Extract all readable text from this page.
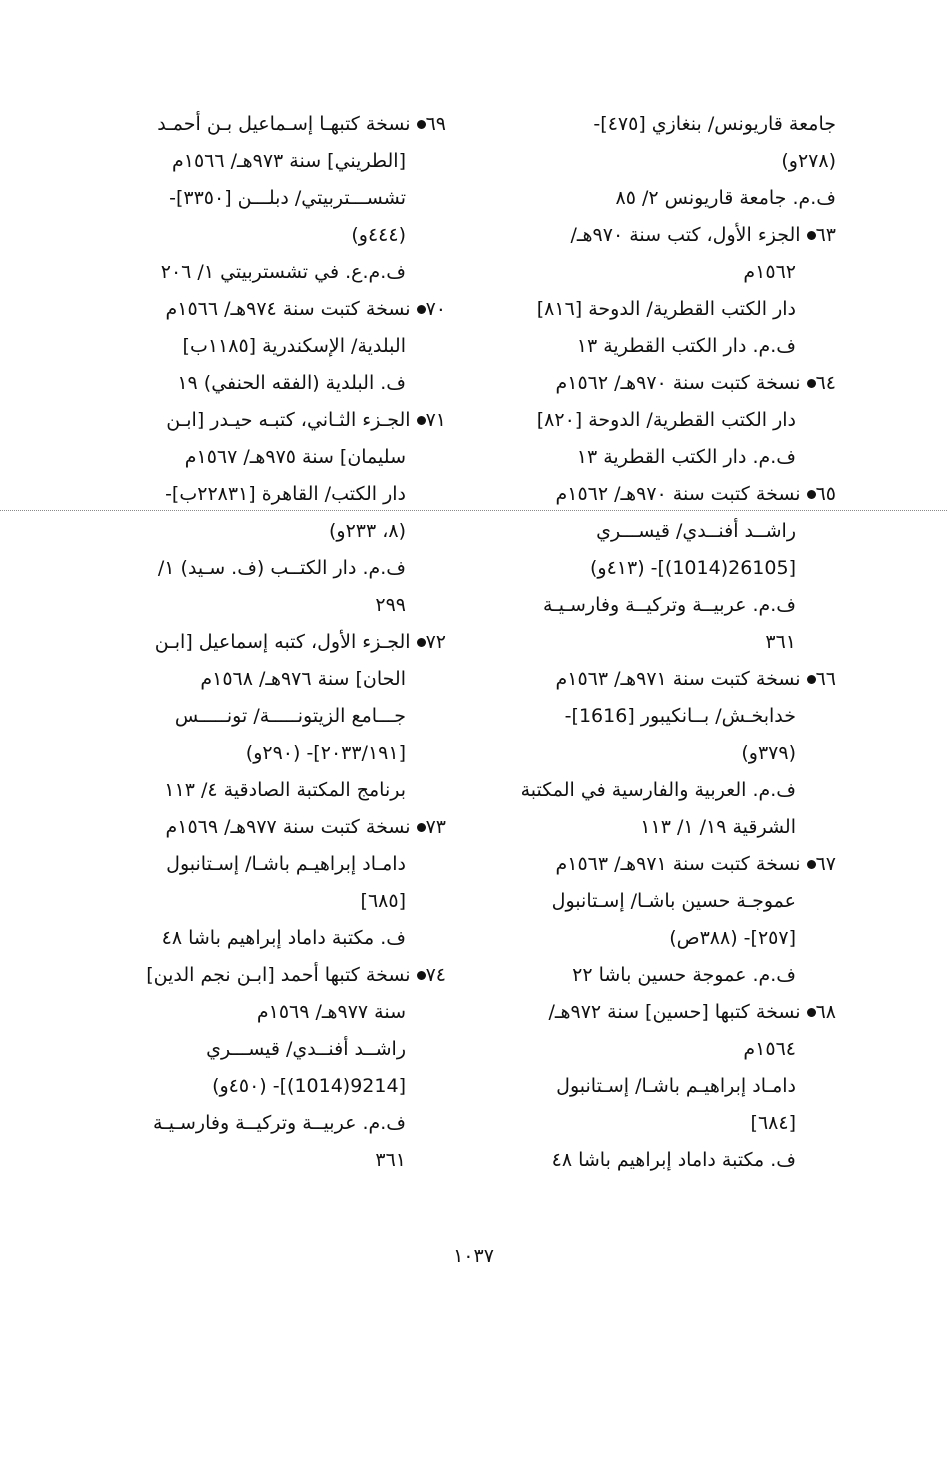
جامعة قاريونس/ بنغازي [٤٧٥]-
(٢٧٨و)
ف.م. جامعة قاريونس ٢/ ٨٥
٦٣الجزء الأول، كتب سنة ٩٧٠هـ/
١٥٦٢م
دار الكتب القطرية/ الدوحة [٨١٦]
ف.م. دار الكتب القطرية ١٣
٦٤نسخة كتبت سنة ٩٧٠هـ/ ١٥٦٢م
دار الكتب القطرية/ الدوحة [٨٢٠]
ف.م. دار الكتب القطرية ١٣
٦٥نسخة كتبت سنة ٩٧٠هـ/ ١٥٦٢م
راشــد أفنــدي/ قيســـري
[26105(1014)]- (٤١٣و)
ف.م. عربيــة وتركيــة وفارسـيـة
٣٦١
٦٦نسخة كتبت سنة ٩٧١هـ/ ١٥٦٣م
خدابخـش/ بــانكيبور [1616]-
(٣٧٩و)
ف.م. العربية والفارسية في المكتبة
الشرقية ١٩/ ١/ ١١٣
٦٧نسخة كتبت سنة ٩٧١هـ/ ١٥٦٣م
عموجـة حسين باشـا/ إسـتانبول
[٢٥٧]- (٣٨٨ص)
ف.م. عموجة حسين باشا ٢٢
٦٨نسخة كتبها [حسين] سنة ٩٧٢هـ/
١٥٦٤م
دامـاد إبراهيـم باشـا/ إسـتانبول
[٦٨٤]
ف. مكتبة داماد إبراهيم باشا ٤٨
٦٩نسخة كتبهـا إسـماعيل بـن أحمـد
[الطريني] سنة ٩٧٣هـ/ ١٥٦٦م
تشســـتربيتي/ دبلـــن [٣٣٥٠]-
(٤٤٤و)
ف.م.ع. في تشستربيتي ١/ ٢٠٦
٧٠نسخة كتبت سنة ٩٧٤هـ/ ١٥٦٦م
البلدية/ الإسكندرية [١١٨٥ب]
ف. البلدية (الفقه الحنفي) ١٩
٧١الجـزء الثـاني، كتبـه حيـدر [ابـن
سليمان] سنة ٩٧٥هـ/ ١٥٦٧م
دار الكتب/ القاهرة [٢٢٨٣١ب]-
(٨، ٢٣٣و)
ف.م. دار الكتــب (ف. سـيد) ١/
٢٩٩
٧٢الجـزء الأول، كتبه إسماعيل [ابـن
الحان] سنة ٩٧٦هـ/ ١٥٦٨م
جـــامع الزيتونـــــة/ تونـــــس
[٢٠٣٣/١٩١]- (٢٩٠و)
برنامج المكتبة الصادقية ٤/ ١١٣
٧٣نسخة كتبت سنة ٩٧٧هـ/ ١٥٦٩م
دامـاد إبراهيـم باشـا/ إسـتانبول
[٦٨٥]
ف. مكتبة داماد إبراهيم باشا ٤٨
٧٤نسخة كتبها أحمد [ابـن نجم الدين]
سنة ٩٧٧هـ/ ١٥٦٩م
راشــد أفنــدي/ قيســـري
[9214(1014)]- (٤٥٠و)
ف.م. عربيــة وتركيــة وفارسـيـة
٣٦١
١٠٣٧
